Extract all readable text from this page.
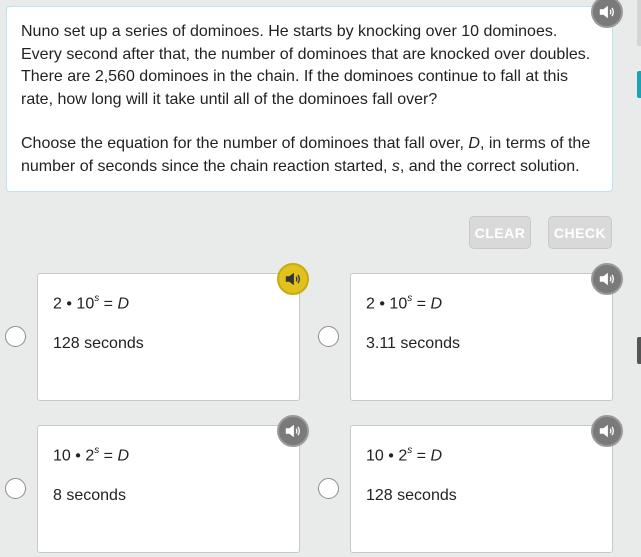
Nuno set up a series of dominoes. He starts by knocking over 10 dominoes. Every second after that, the number of dominoes that are knocked over doubles. There are 2,560 dominoes in the chain. If the dominoes continue to fall at this rate, how long will it take until all of the dominoes fall over?

Choose the equation for the number of dominoes that fall over, D, in terms of the number of seconds since the chain reaction started, s, and the correct solution.

CLEAR	CHECK
2 • $10^s = D$
128 seconds
2 • $10^s = D$
3.11 seconds
10 • $2^s = D$
8 seconds
10 • $2^s = D$
128 seconds
